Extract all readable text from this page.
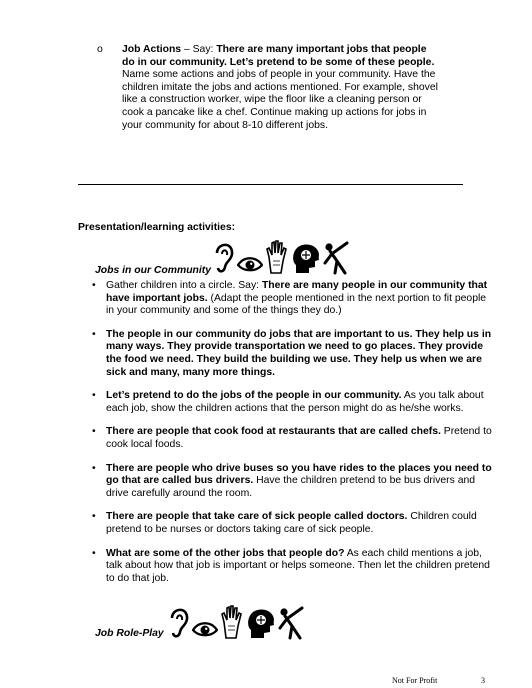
o	Job Actions – Say: There are many important jobs that people do in our community. Let’s pretend to be some of these people. Name some actions and jobs of people in your community. Have the children imitate the jobs and actions mentioned. For example, shovel like a construction worker, wipe the floor like a cleaning person or cook a pancake like a chef. Continue making up actions for jobs in your community for about 8-10 different jobs.

Presentation/learning activities:
Jobs in our Community
• Gather children into a circle. Say: There are many people in our community that have important jobs. (Adapt the people mentioned in the next portion to fit people in your community and some of the things they do.)

• The people in our community do jobs that are important to us. They help us in many ways. They provide transportation we need to go places. They provide the food we need. They build the building we use. They help us when we are sick and many, many more things.

• Let’s pretend to do the jobs of the people in our community. As you talk about each job, show the children actions that the person might do as he/she works.

• There are people that cook food at restaurants that are called chefs. Pretend to cook local foods.

• There are people who drive buses so you have rides to the places you need to go that are called bus drivers. Have the children pretend to be bus drivers and drive carefully around the room.

• There are people that take care of sick people called doctors. Children could pretend to be nurses or doctors taking care of sick people.

• What are some of the other jobs that people do? As each child mentions a job, talk about how that job is important or helps someone. Then let the children pretend to do that job.

Job Role-Play
Not For Profit	3
